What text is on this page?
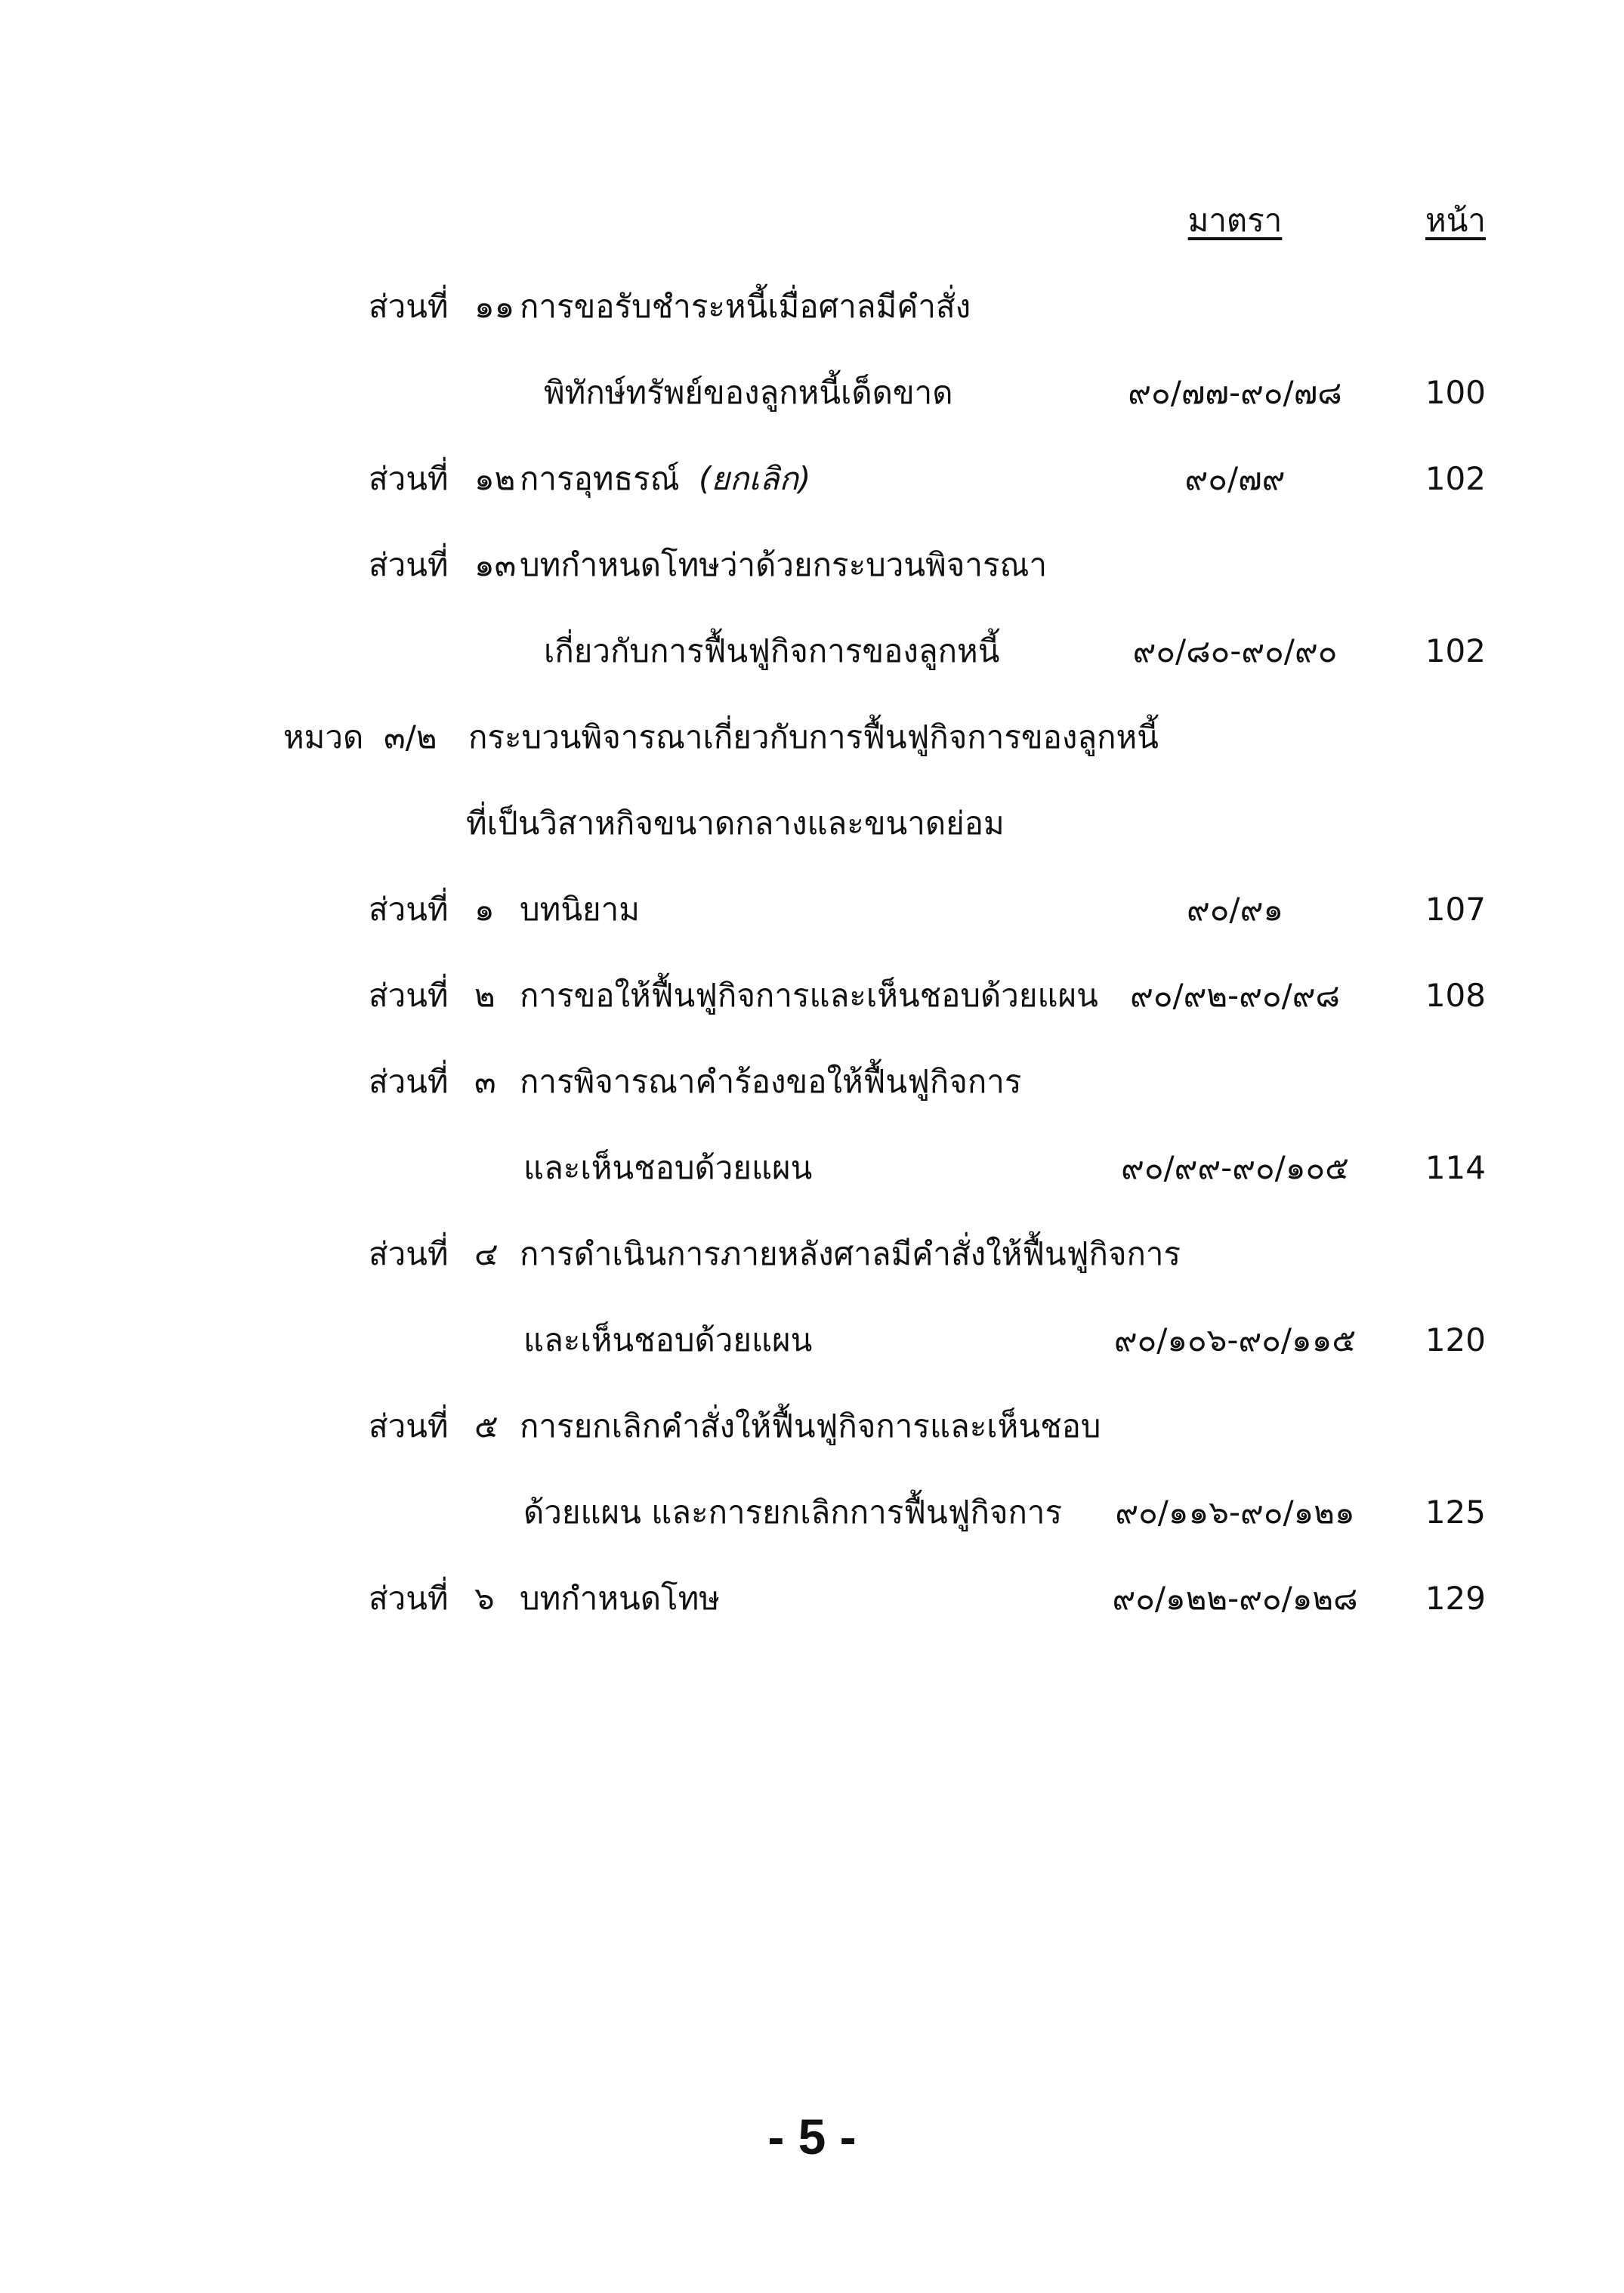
มาตรา	หน้า
ส่วนที่ ๑๑ การขอรับชำระหนี้เมื่อศาลมีคำสั่ง
พิทักษ์ทรัพย์ของลูกหนี้เด็ดขาด	๙๐/๗๗-๙๐/๗๘	100
ส่วนที่ ๑๒ การอุทธรณ์ (ยกเลิก)	๙๐/๗๙	102
ส่วนที่ ๑๓ บทกำหนดโทษว่าด้วยกระบวนพิจารณา
เกี่ยวกับการฟื้นฟูกิจการของลูกหนี้	๙๐/๘๐-๙๐/๙๐	102
หมวด ๓/๒ กระบวนพิจารณาเกี่ยวกับการฟื้นฟูกิจการของลูกหนี้
ที่เป็นวิสาหกิจขนาดกลางและขนาดย่อม
ส่วนที่ ๑ บทนิยาม	๙๐/๙๑	107
ส่วนที่ ๒ การขอให้ฟื้นฟูกิจการและเห็นชอบด้วยแผน	๙๐/๙๒-๙๐/๙๘	108
ส่วนที่ ๓ การพิจารณาคำร้องขอให้ฟื้นฟูกิจการ
และเห็นชอบด้วยแผน	๙๐/๙๙-๙๐/๑๐๕	114
ส่วนที่ ๔ การดำเนินการภายหลังศาลมีคำสั่งให้ฟื้นฟูกิจการ
และเห็นชอบด้วยแผน	๙๐/๑๐๖-๙๐/๑๑๕	120
ส่วนที่ ๕ การยกเลิกคำสั่งให้ฟื้นฟูกิจการและเห็นชอบ
ด้วยแผน และการยกเลิกการฟื้นฟูกิจการ	๙๐/๑๑๖-๙๐/๑๒๑	125
ส่วนที่ ๖ บทกำหนดโทษ	๙๐/๑๒๒-๙๐/๑๒๘	129
- 5 -
